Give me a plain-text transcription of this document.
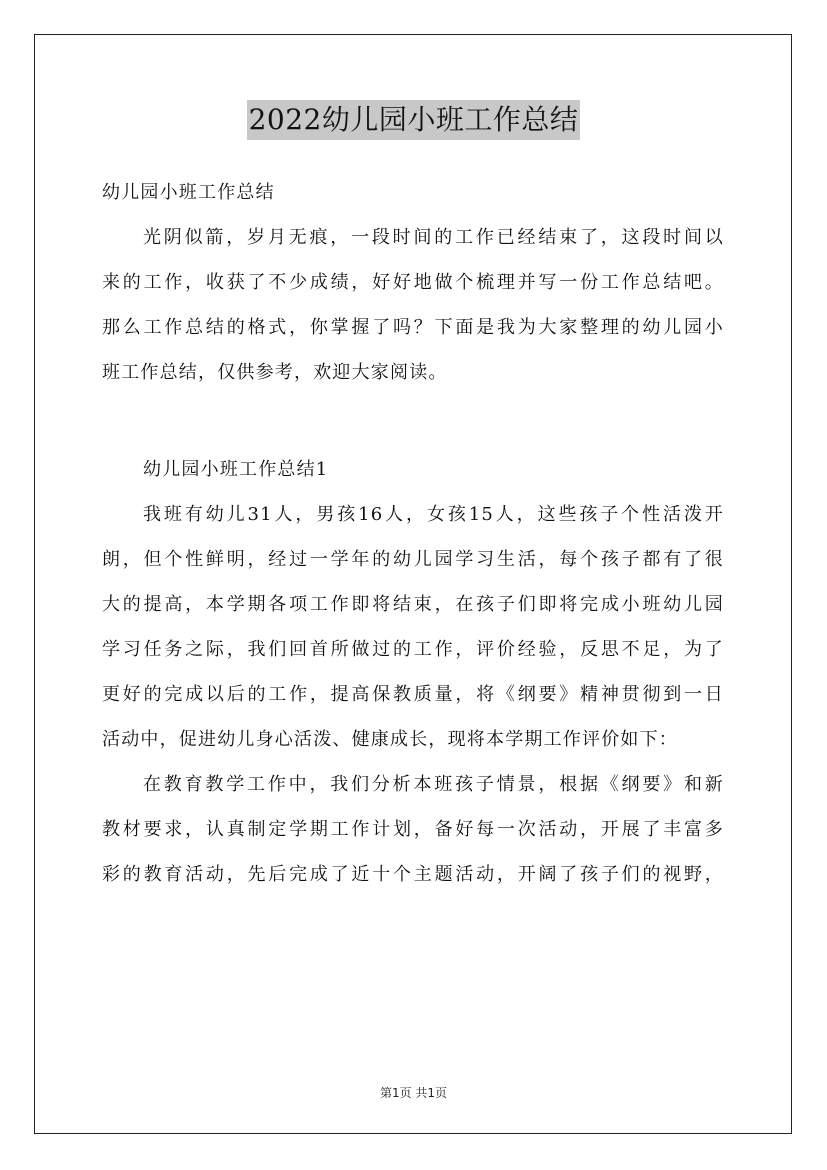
2022幼儿园小班工作总结
幼儿园小班工作总结
光阴似箭，岁月无痕，一段时间的工作已经结束了，这段时间以
来的工作，收获了不少成绩，好好地做个梳理并写一份工作总结吧。
那么工作总结的格式，你掌握了吗？下面是我为大家整理的幼儿园小
班工作总结，仅供参考，欢迎大家阅读。
幼儿园小班工作总结1
我班有幼儿31人，男孩16人，女孩15人，这些孩子个性活泼开
朗，但个性鲜明，经过一学年的幼儿园学习生活，每个孩子都有了很
大的提高，本学期各项工作即将结束，在孩子们即将完成小班幼儿园
学习任务之际，我们回首所做过的工作，评价经验，反思不足，为了
更好的完成以后的工作，提高保教质量，将《纲要》精神贯彻到一日
活动中，促进幼儿身心活泼、健康成长，现将本学期工作评价如下：
在教育教学工作中，我们分析本班孩子情景，根据《纲要》和新
教材要求，认真制定学期工作计划，备好每一次活动，开展了丰富多
彩的教育活动，先后完成了近十个主题活动，开阔了孩子们的视野，
第1页 共1页
